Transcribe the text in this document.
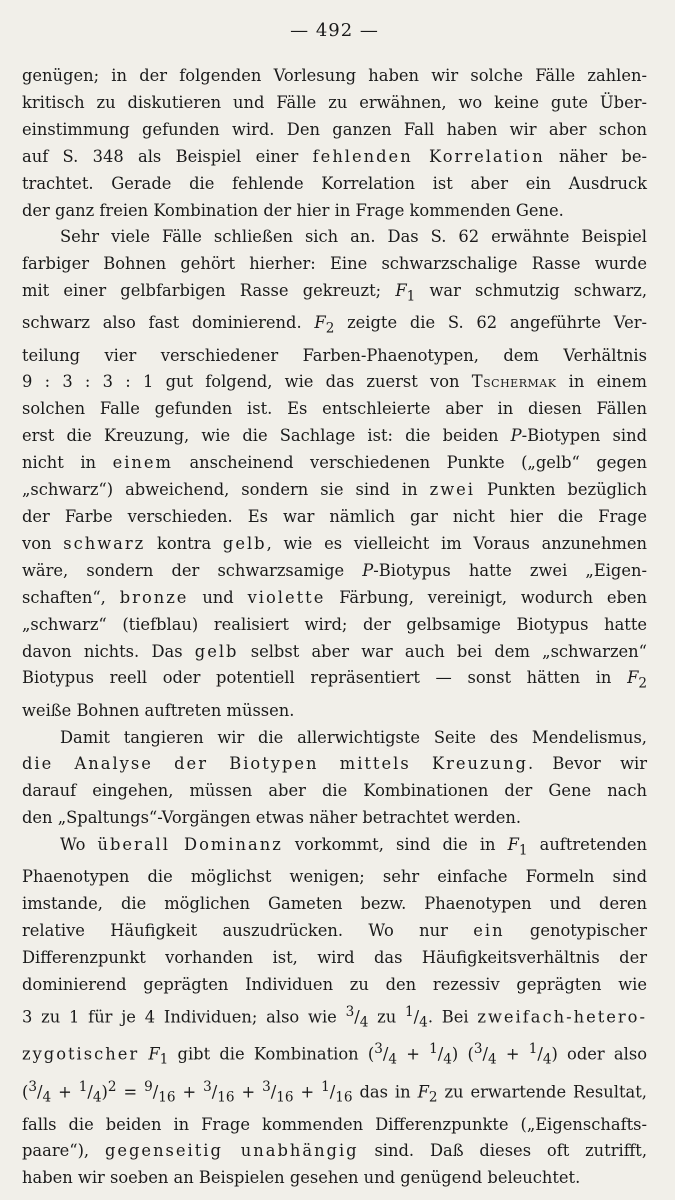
— 492 —

genügen; in der folgenden Vorlesung haben wir solche Fälle zahlen-
kritisch zu diskutieren und Fälle zu erwähnen, wo keine gute Über-
einstimmung gefunden wird. Den ganzen Fall haben wir aber schon
auf S. 348 als Beispiel einer fehlenden Korrelation näher be-
trachtet. Gerade die fehlende Korrelation ist aber ein Ausdruck
der ganz freien Kombination der hier in Frage kommenden Gene.

Sehr viele Fälle schließen sich an. Das S. 62 erwähnte Beispiel
farbiger Bohnen gehört hierher: Eine schwarzschalige Rasse wurde
mit einer gelbfarbigen Rasse gekreuzt; $F_1$ war schmutzig schwarz,
schwarz also fast dominierend. $F_2$ zeigte die S. 62 angeführte Ver-
teilung vier verschiedener Farben-Phaenotypen, dem Verhältnis
9 : 3 : 3 : 1 gut folgend, wie das zuerst von Tschermak in einem
solchen Falle gefunden ist. Es entschleierte aber in diesen Fällen
erst die Kreuzung, wie die Sachlage ist: die beiden P-Biotypen sind
nicht in einem anscheinend verschiedenen Punkte („gelb“ gegen
„schwarz“) abweichend, sondern sie sind in zwei Punkten bezüglich
der Farbe verschieden. Es war nämlich gar nicht hier die Frage
von schwarz kontra gelb, wie es vielleicht im Voraus anzunehmen
wäre, sondern der schwarzsamige P-Biotypus hatte zwei „Eigen-
schaften“, bronze und violette Färbung, vereinigt, wodurch eben
„schwarz“ (tiefblau) realisiert wird; der gelbsamige Biotypus hatte
davon nichts. Das gelb selbst aber war auch bei dem „schwarzen“
Biotypus reell oder potentiell repräsentiert — sonst hätten in $F_2$
weiße Bohnen auftreten müssen.

Damit tangieren wir die allerwichtigste Seite des Mendelismus,
die Analyse der Biotypen mittels Kreuzung. Bevor wir
darauf eingehen, müssen aber die Kombinationen der Gene nach
den „Spaltungs“-Vorgängen etwas näher betrachtet werden.

Wo überall Dominanz vorkommt, sind die in $F_1$ auftretenden
Phaenotypen die möglichst wenigen; sehr einfache Formeln sind
imstande, die möglichen Gameten bezw. Phaenotypen und deren
relative Häufigkeit auszudrücken. Wo nur ein genotypischer
Differenzpunkt vorhanden ist, wird das Häufigkeitsverhältnis der
dominierend geprägten Individuen zu den rezessiv geprägten wie
3 zu 1 für je 4 Individuen; also wie $^3/_4$ zu $^1/_4$. Bei zweifach-hetero-
zygotischer $F_1$ gibt die Kombination $(^3/_4 + ^1/_4) (^3/_4 + ^1/_4)$ oder also
$(^3/_4 + ^1/_4)^2 = ^9/_{16} + ^3/_{16} + ^3/_{16} + ^1/_{16}$ das in $F_2$ zu erwartende Resultat,
falls die beiden in Frage kommenden Differenzpunkte („Eigenschafts-
paare“), gegenseitig unabhängig sind. Daß dieses oft zutrifft,
haben wir soeben an Beispielen gesehen und genügend beleuchtet.
